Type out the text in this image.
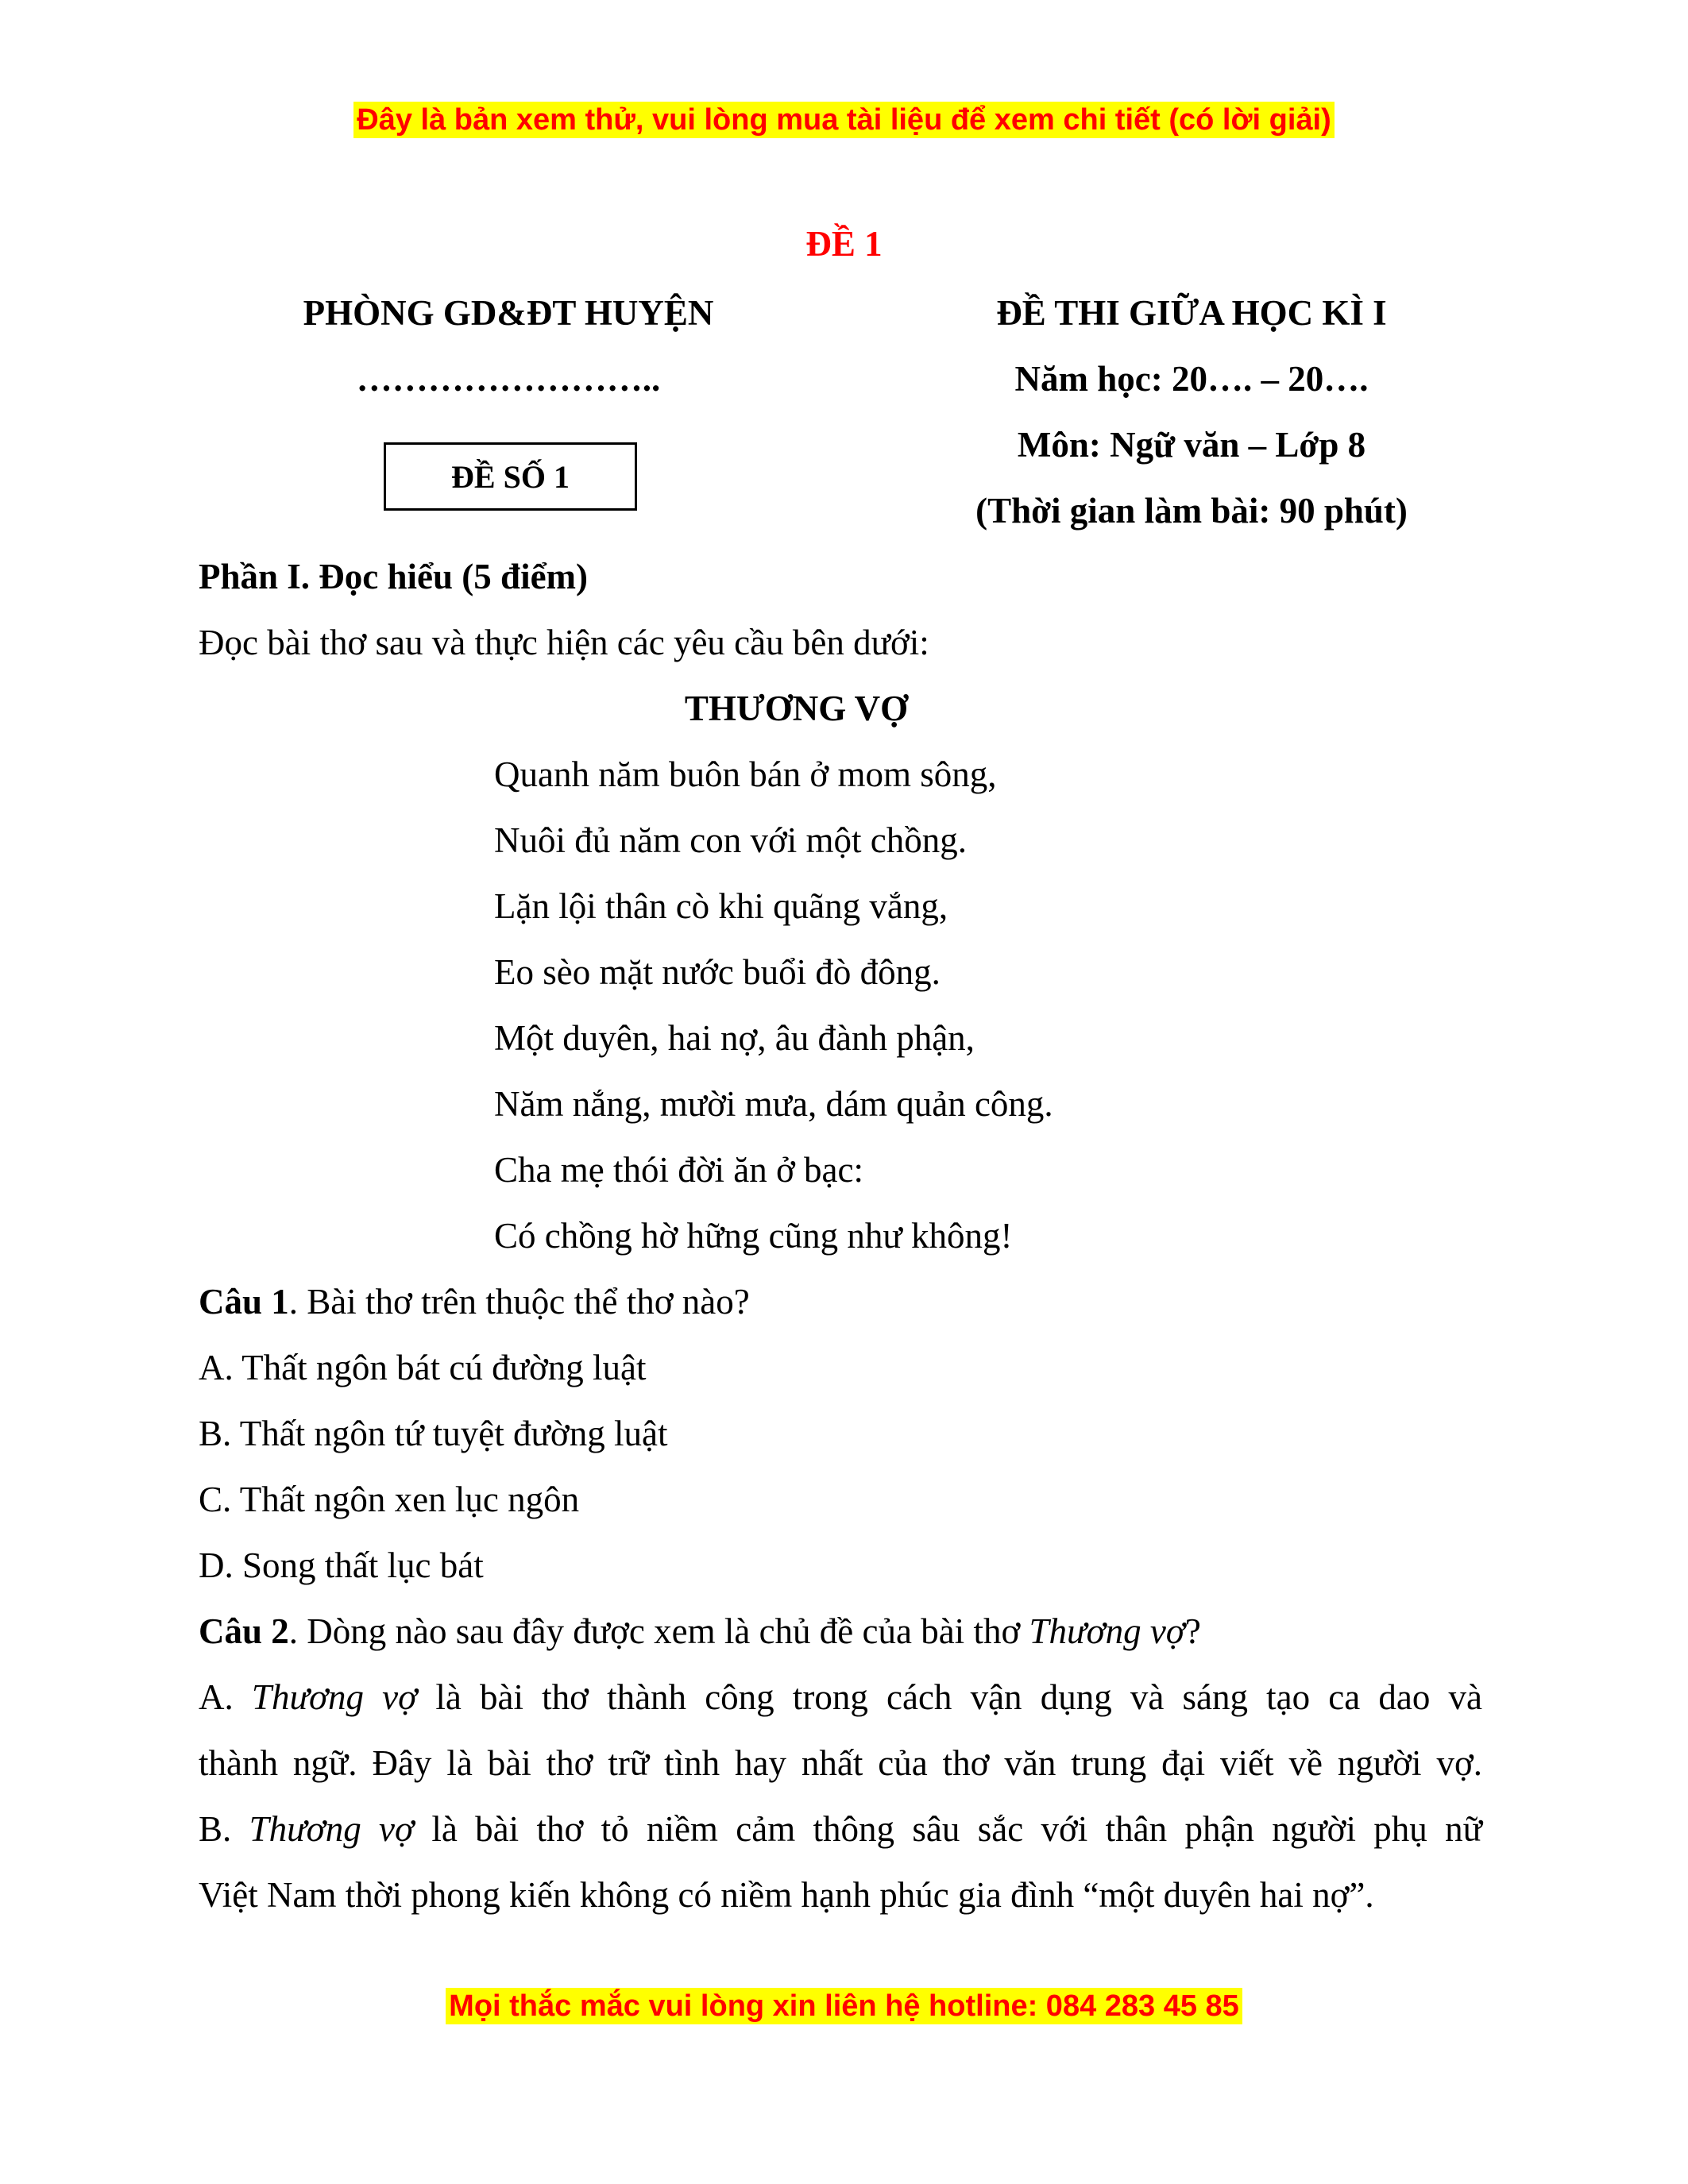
Đây là bản xem thử, vui lòng mua tài liệu để xem chi tiết (có lời giải)
ĐỀ 1
PHÒNG GD&ĐT HUYỆN
……………………..
ĐỀ SỐ 1
ĐỀ THI GIỮA HỌC KÌ I
Năm học: 20…. – 20….
Môn: Ngữ văn – Lớp 8
(Thời gian làm bài: 90 phút)
Phần I. Đọc hiểu (5 điểm)
Đọc bài thơ sau và thực hiện các yêu cầu bên dưới:
THƯƠNG VỢ
Quanh năm buôn bán ở mom sông,
Nuôi đủ năm con với một chồng.
Lặn lội thân cò khi quãng vắng,
Eo sèo mặt nước buổi đò đông.
Một duyên, hai nợ, âu đành phận,
Năm nắng, mười mưa, dám quản công.
Cha mẹ thói đời ăn ở bạc:
Có chồng hờ hững cũng như không!
Câu 1. Bài thơ trên thuộc thể thơ nào?
A. Thất ngôn bát cú đường luật
B. Thất ngôn tứ tuyệt đường luật
C. Thất ngôn xen lục ngôn
D. Song thất lục bát
Câu 2. Dòng nào sau đây được xem là chủ đề của bài thơ Thương vợ?
A. Thương vợ là bài thơ thành công trong cách vận dụng và sáng tạo ca dao và
thành ngữ. Đây là bài thơ trữ tình hay nhất của thơ văn trung đại viết về người vợ.
B. Thương vợ là bài thơ tỏ niềm cảm thông sâu sắc với thân phận người phụ nữ
Việt Nam thời phong kiến không có niềm hạnh phúc gia đình “một duyên hai nợ”.
Mọi thắc mắc vui lòng xin liên hệ hotline: 084 283 45 85
